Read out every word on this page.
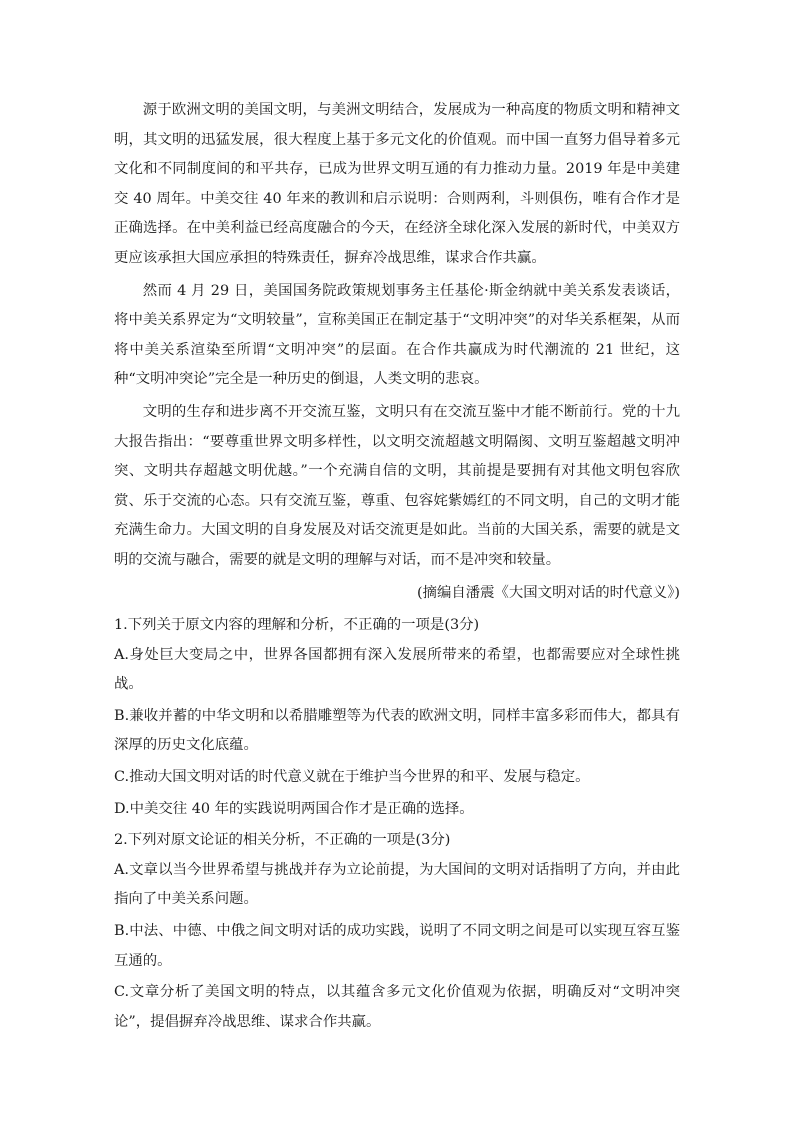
源于欧洲文明的美国文明，与美洲文明结合，发展成为一种高度的物质文明和精神文明，其文明的迅猛发展，很大程度上基于多元文化的价值观。而中国一直努力倡导着多元文化和不同制度间的和平共存，已成为世界文明互通的有力推动力量。2019 年是中美建交 40 周年。中美交往 40 年来的教训和启示说明：合则两利，斗则俱伤，唯有合作才是正确选择。在中美利益已经高度融合的今天，在经济全球化深入发展的新时代，中美双方更应该承担大国应承担的特殊责任，摒弃冷战思维，谋求合作共赢。

然而 4 月 29 日，美国国务院政策规划事务主任基伦·斯金纳就中美关系发表谈话，将中美关系界定为“文明较量”，宣称美国正在制定基于“文明冲突”的对华关系框架，从而将中美关系渲染至所谓“文明冲突”的层面。在合作共赢成为时代潮流的 21 世纪，这种“文明冲突论”完全是一种历史的倒退，人类文明的悲哀。

文明的生存和进步离不开交流互鉴，文明只有在交流互鉴中才能不断前行。党的十九大报告指出：“要尊重世界文明多样性，以文明交流超越文明隔阂、文明互鉴超越文明冲突、文明共存超越文明优越。”一个充满自信的文明，其前提是要拥有对其他文明包容欣赏、乐于交流的心态。只有交流互鉴，尊重、包容姹紫嫣红的不同文明，自己的文明才能充满生命力。大国文明的自身发展及对话交流更是如此。当前的大国关系，需要的就是文明的交流与融合，需要的就是文明的理解与对话，而不是冲突和较量。

(摘编自潘震《大国文明对话的时代意义》)

1.下列关于原文内容的理解和分析，不正确的一项是(3分)

A.身处巨大变局之中，世界各国都拥有深入发展所带来的希望，也都需要应对全球性挑战。

B.兼收并蓄的中华文明和以希腊雕塑等为代表的欧洲文明，同样丰富多彩而伟大，都具有深厚的历史文化底蕴。

C.推动大国文明对话的时代意义就在于维护当今世界的和平、发展与稳定。

D.中美交往 40 年的实践说明两国合作才是正确的选择。

2.下列对原文论证的相关分析，不正确的一项是(3分)

A.文章以当今世界希望与挑战并存为立论前提，为大国间的文明对话指明了方向，并由此指向了中美关系问题。

B.中法、中德、中俄之间文明对话的成功实践，说明了不同文明之间是可以实现互容互鉴互通的。

C.文章分析了美国文明的特点，以其蕴含多元文化价值观为依据，明确反对“文明冲突论”，提倡摒弃冷战思维、谋求合作共赢。
